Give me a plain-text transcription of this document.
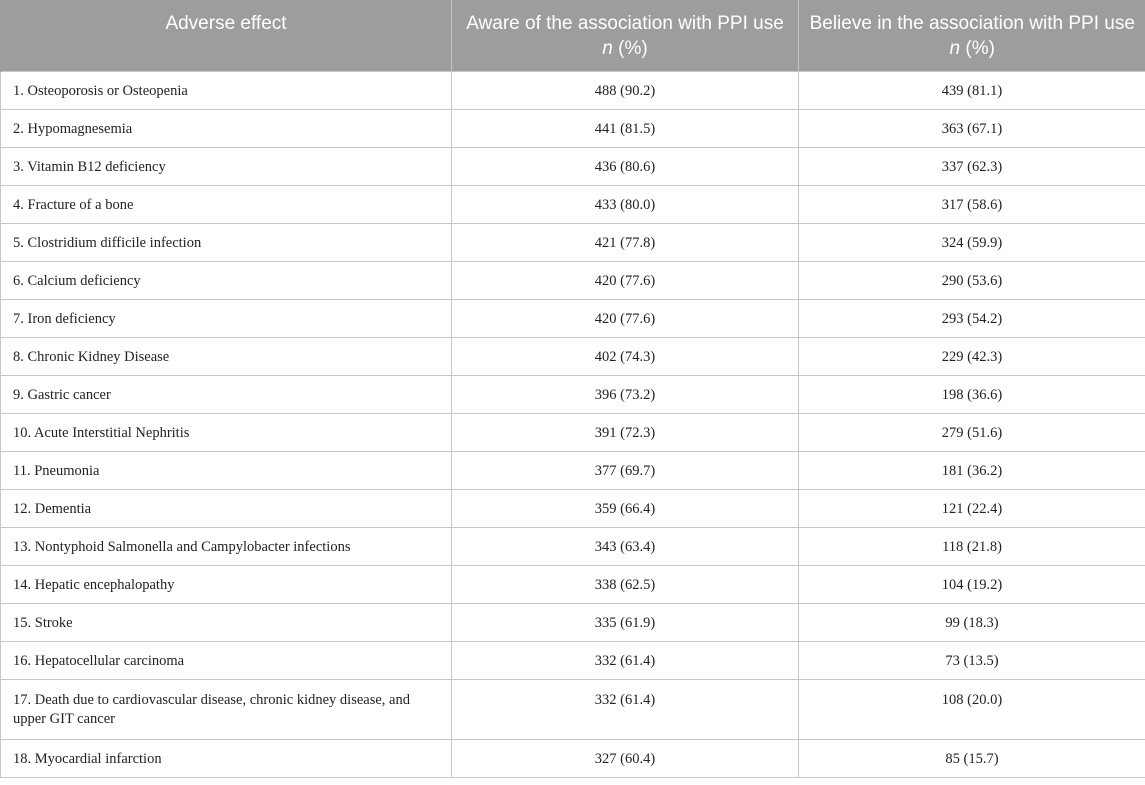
Adverse effect	Aware of the association with PPI use n (%)	Believe in the association with PPI use n (%)
1. Osteoporosis or Osteopenia	488 (90.2)	439 (81.1)
2. Hypomagnesemia	441 (81.5)	363 (67.1)
3. Vitamin B12 deficiency	436 (80.6)	337 (62.3)
4. Fracture of a bone	433 (80.0)	317 (58.6)
5. Clostridium difficile infection	421 (77.8)	324 (59.9)
6. Calcium deficiency	420 (77.6)	290 (53.6)
7. Iron deficiency	420 (77.6)	293 (54.2)
8. Chronic Kidney Disease	402 (74.3)	229 (42.3)
9. Gastric cancer	396 (73.2)	198 (36.6)
10. Acute Interstitial Nephritis	391 (72.3)	279 (51.6)
11. Pneumonia	377 (69.7)	181 (36.2)
12. Dementia	359 (66.4)	121 (22.4)
13. Nontyphoid Salmonella and Campylobacter infections	343 (63.4)	118 (21.8)
14. Hepatic encephalopathy	338 (62.5)	104 (19.2)
15. Stroke	335 (61.9)	99 (18.3)
16. Hepatocellular carcinoma	332 (61.4)	73 (13.5)
17. Death due to cardiovascular disease, chronic kidney disease, and upper GIT cancer	332 (61.4)	108 (20.0)
18. Myocardial infarction	327 (60.4)	85 (15.7)
